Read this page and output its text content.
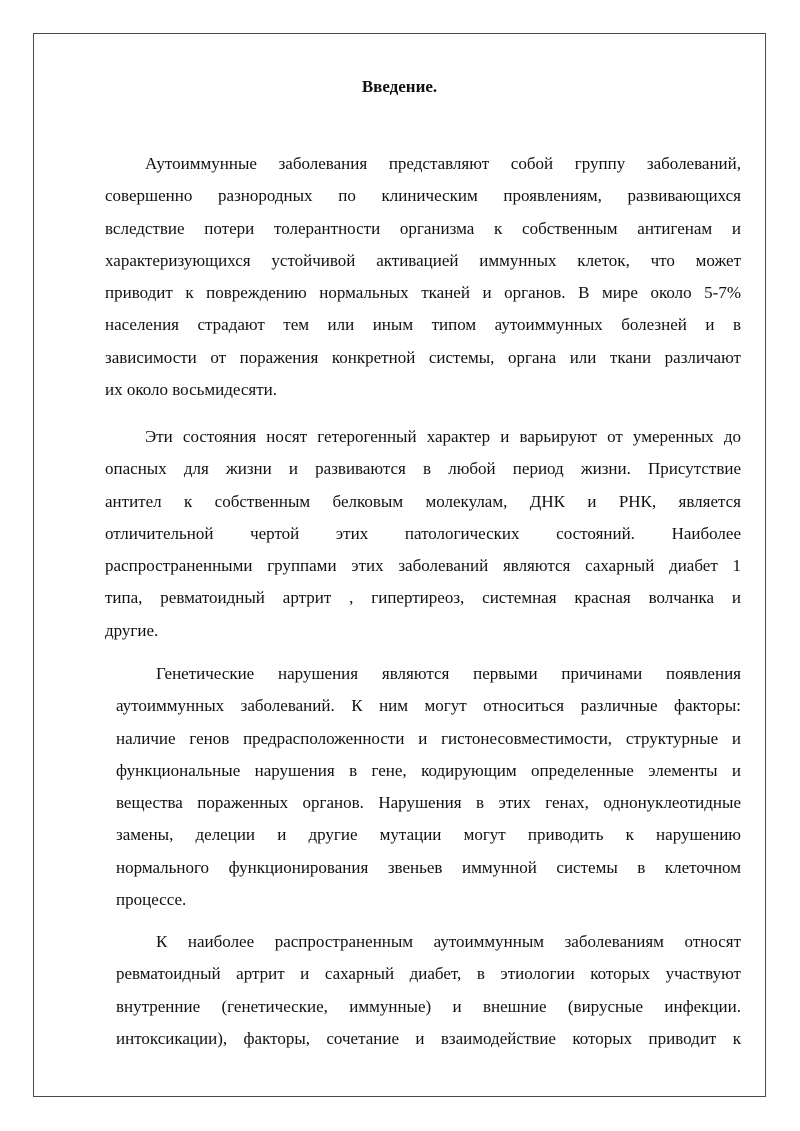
Введение.
Аутоиммунные заболевания представляют собой группу заболеваний,
совершенно разнородных по клиническим проявлениям, развивающихся
вследствие потери толерантности организма к собственным антигенам и
характеризующихся устойчивой активацией иммунных клеток, что может
приводит к повреждению нормальных тканей и органов. В мире около 5-7%
населения страдают тем или иным типом аутоиммунных болезней и в
зависимости от поражения конкретной системы, органа или ткани различают
их около восьмидесяти.
Эти состояния носят гетерогенный характер и варьируют от умеренных до
опасных для жизни и развиваются в любой период жизни. Присутствие
антител к собственным белковым молекулам, ДНК и РНК, является
отличительной чертой этих патологических состояний. Наиболее
распространенными группами этих заболеваний являются сахарный диабет 1
типа, ревматоидный артрит , гипертиреоз, системная красная волчанка и
другие.
Генетические нарушения являются первыми причинами появления
аутоиммунных заболеваний. К ним могут относиться различные факторы:
наличие генов предрасположенности и гистонесовместимости, структурные и
функциональные нарушения в гене, кодирующим определенные элементы и
вещества пораженных органов. Нарушения в этих генах, однонуклеотидные
замены, делеции и другие мутации могут приводить к нарушению
нормального функционирования звеньев иммунной системы в клеточном
процессе.
К наиболее распространенным аутоиммунным заболеваниям относят
ревматоидный артрит и сахарный диабет, в этиологии которых участвуют
внутренние (генетические, иммунные) и внешние (вирусные инфекции.
интоксикации), факторы, сочетание и взаимодействие которых приводит к
